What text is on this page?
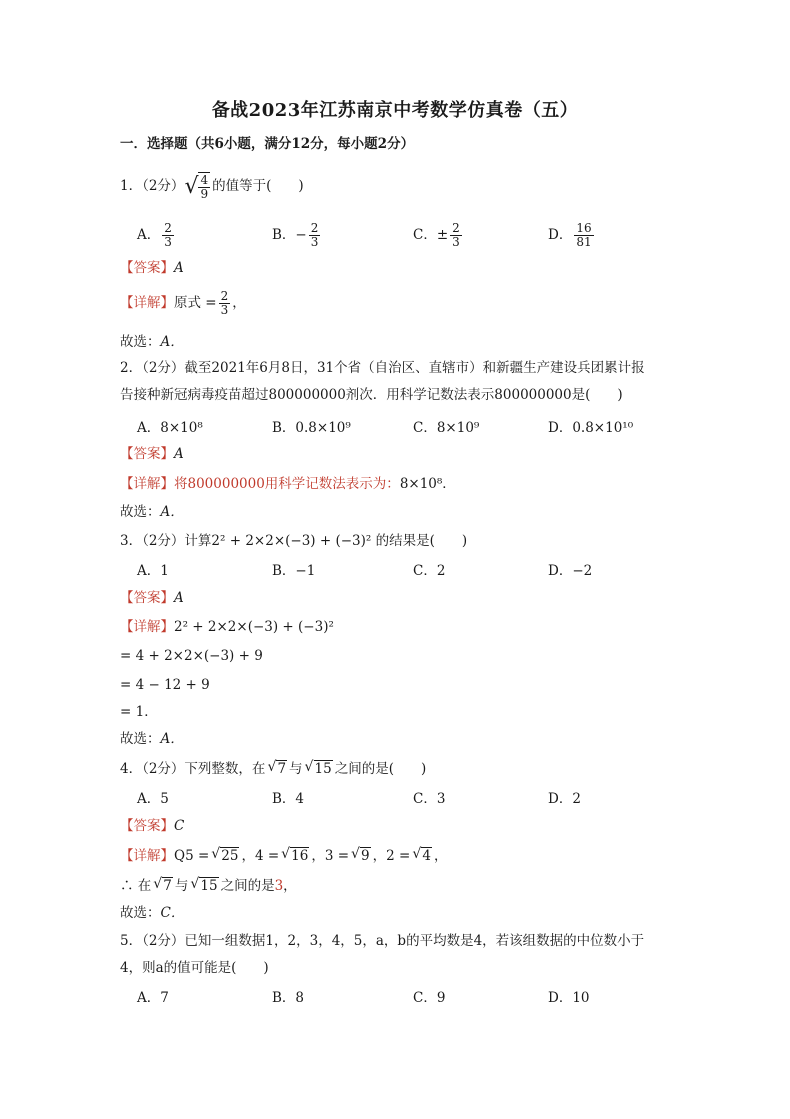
备战2023年江苏南京中考数学仿真卷（五）
一．选择题（共6小题，满分12分，每小题2分）
1．（2分） √ $\frac{4}{9}$ 的值等于(　　)
A． $\frac{2}{3}$	B．− $\frac{2}{3}$	C．± $\frac{2}{3}$	D． $\frac{16}{81}$
【答案】A
【详解】原式 = $\frac{2}{3}$ ，
故选：A．
2．（2分）截至2021年6月8日，31个省（自治区、直辖市）和新疆生产建设兵团累计报
告接种新冠病毒疫苗超过800000000剂次．用科学记数法表示800000000是(　　)
A．8×10⁸	B．0.8×10⁹	C．8×10⁹	D．0.8×10¹⁰
【答案】A
【详解】将800000000用科学记数法表示为：8×10⁸．
故选：A．
3．（2分）计算2² + 2×2×(−3) + (−3)² 的结果是(　　)
A．1	B．−1	C．2	D．−2
【答案】A
【详解】2² + 2×2×(−3) + (−3)²
= 4 + 2×2×(−3) + 9
= 4 − 12 + 9
= 1．
故选：A．
4．（2分）下列整数，在 √ 7 与 √ 15 之间的是(　　)
A．5	B．4	C．3	D．2
【答案】C
【详解】Q5 = √ 25 ，4 = √ 16 ，3 = √ 9 ，2 = √ 4 ，
∴ 在 √ 7 与 √ 15 之间的是3，
故选：C．
5．（2分）已知一组数据1，2，3，4，5，a，b的平均数是4，若该组数据的中位数小于
4，则a的值可能是(　　)
A．7	B．8	C．9	D．10
